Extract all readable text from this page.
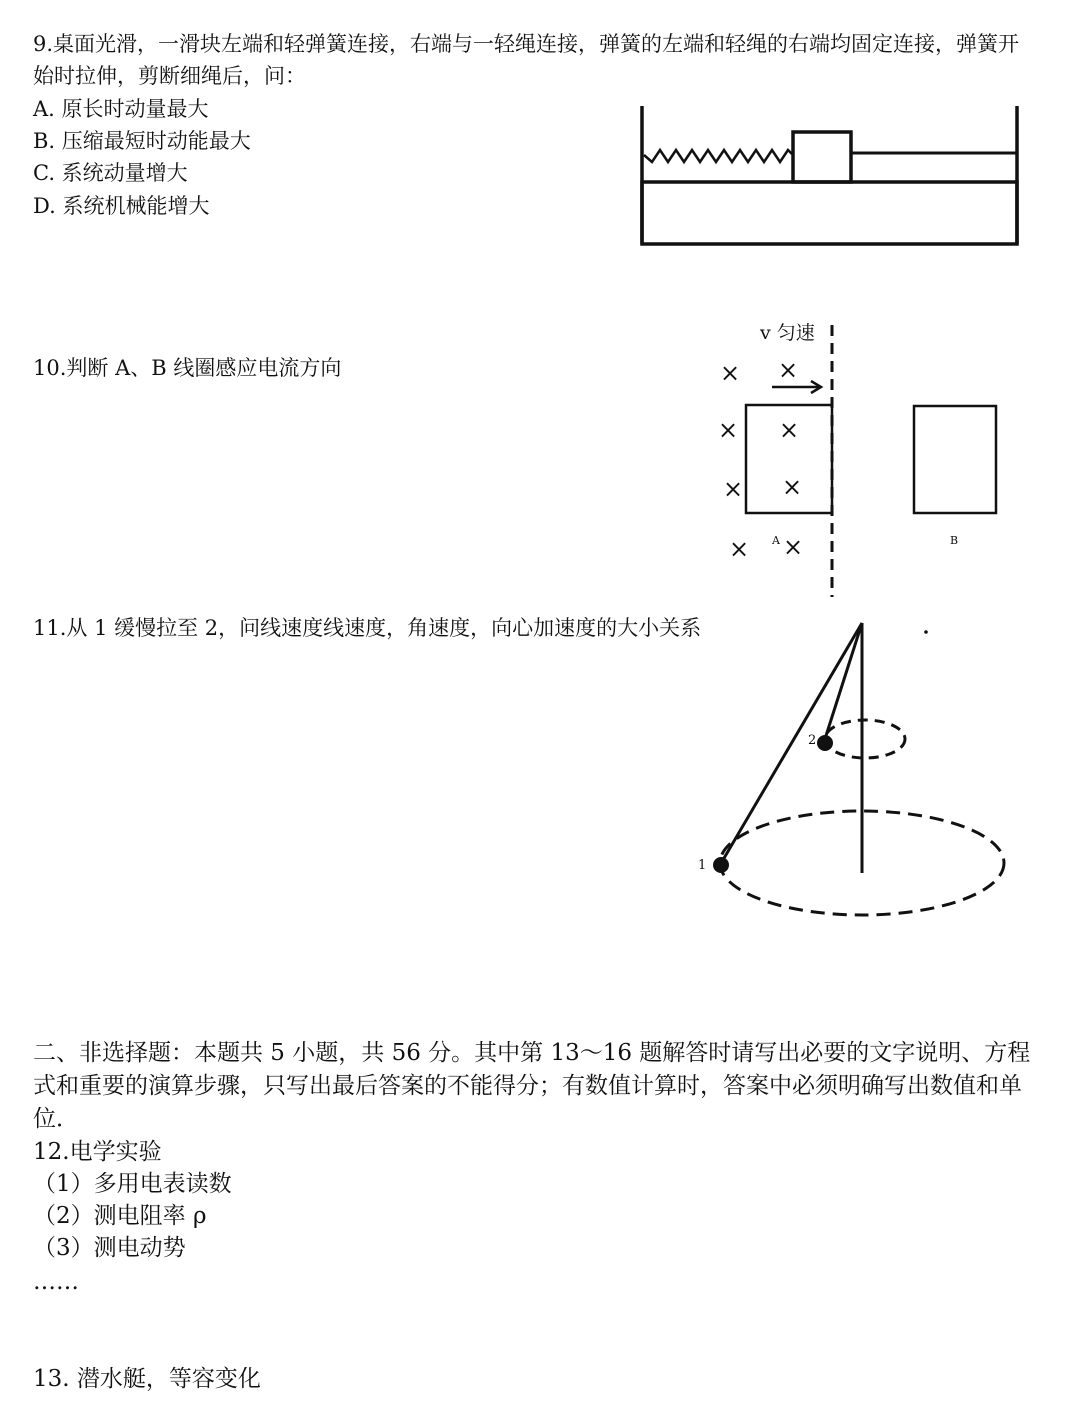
9.桌面光滑，一滑块左端和轻弹簧连接，右端与一轻绳连接，弹簧的左端和轻绳的右端均固定连接，弹簧开
始时拉伸，剪断细绳后，问：
A. 原长时动量最大
B. 压缩最短时动能最大
C. 系统动量增大
D. 系统机械能增大
10.判断 A、B 线圈感应电流方向
v 匀速
× ×
× ×
× ×
× ×
A	B
11.从 1 缓慢拉至 2，问线速度线速度，角速度，向心加速度的大小关系
1
2
二、非选择题：本题共 5 小题，共 56 分。其中第 13～16 题解答时请写出必要的文字说明、方程式和重要的演算步骤，只写出最后答案的不能得分；有数值计算时，答案中必须明确写出数值和单位．
12.电学实验
（1）多用电表读数
（2）测电阻率 ρ
（3）测电动势
……
13. 潜水艇，等容变化
